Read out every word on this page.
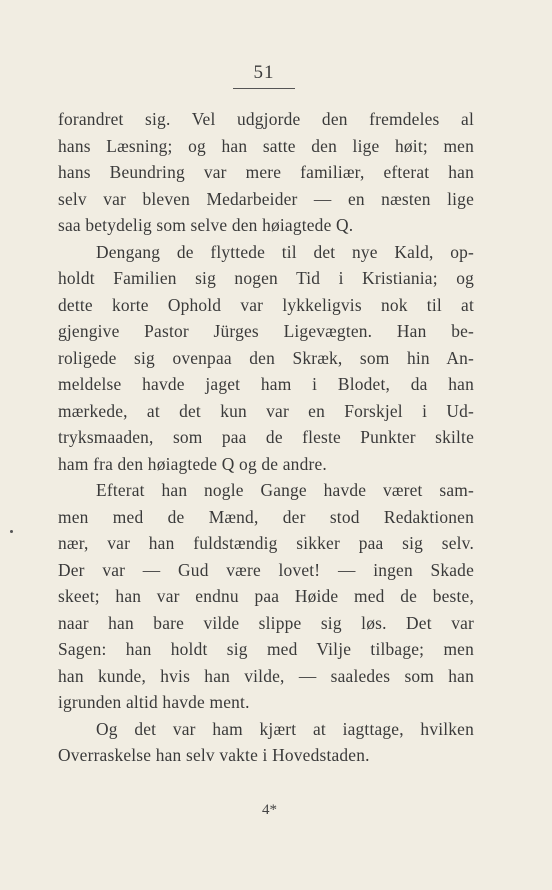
51
forandret sig. Vel udgjorde den fremdeles al
hans Læsning; og han satte den lige høit; men
hans Beundring var mere familiær, efterat han
selv var bleven Medarbeider — en næsten lige
saa betydelig som selve den høiagtede Q.
Dengang de flyttede til det nye Kald, op-
holdt Familien sig nogen Tid i Kristiania; og
dette korte Ophold var lykkeligvis nok til at
gjengive Pastor Jürges Ligevægten. Han be-
roligede sig ovenpaa den Skræk, som hin An-
meldelse havde jaget ham i Blodet, da han
mærkede, at det kun var en Forskjel i Ud-
tryksmaaden, som paa de fleste Punkter skilte
ham fra den høiagtede Q og de andre.
Efterat han nogle Gange havde været sam-
men med de Mænd, der stod Redaktionen
nær, var han fuldstændig sikker paa sig selv.
Der var — Gud være lovet! — ingen Skade
skeet; han var endnu paa Høide med de beste,
naar han bare vilde slippe sig løs. Det var
Sagen: han holdt sig med Vilje tilbage; men
han kunde, hvis han vilde, — saaledes som han
igrunden altid havde ment.
Og det var ham kjært at iagttage, hvilken
Overraskelse han selv vakte i Hovedstaden.
4*
